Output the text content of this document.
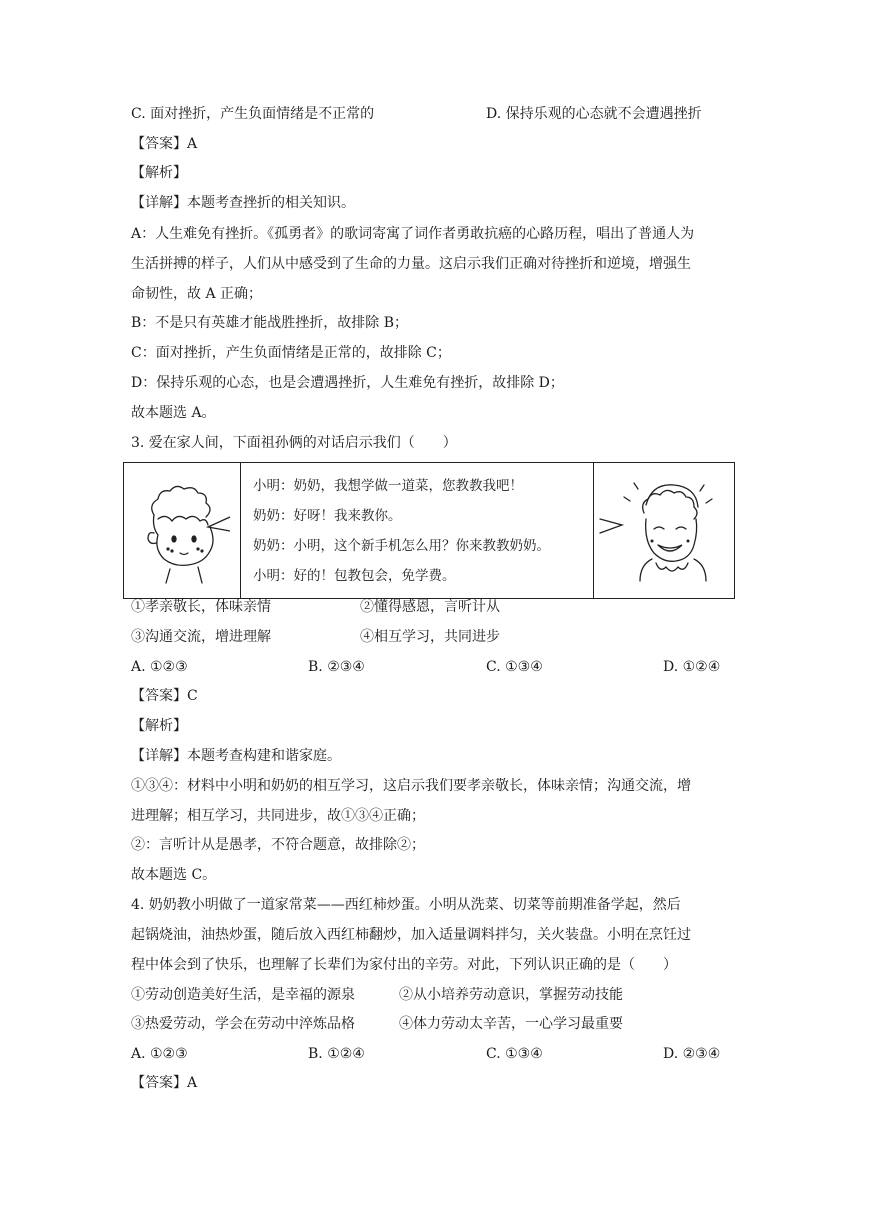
C. 面对挫折，产生负面情绪是不正常的	D. 保持乐观的心态就不会遭遇挫折
【答案】A
【解析】
【详解】本题考查挫折的相关知识。
A：人生难免有挫折。《孤勇者》的歌词寄寓了词作者勇敢抗癌的心路历程，唱出了普通人为
生活拼搏的样子，人们从中感受到了生命的力量。这启示我们正确对待挫折和逆境，增强生
命韧性，故 A 正确；
B：不是只有英雄才能战胜挫折，故排除 B；
C：面对挫折，产生负面情绪是正常的，故排除 C；
D：保持乐观的心态，也是会遭遇挫折，人生难免有挫折，故排除 D；
故本题选 A。
3. 爱在家人间，下面祖孙俩的对话启示我们（　　）

小明：奶奶，我想学做一道菜，您教教我吧！
奶奶：好呀！我来教你。
奶奶：小明，这个新手机怎么用？你来教教奶奶。
小明：好的！包教包会，免学费。

①孝亲敬长，体味亲情	②懂得感恩，言听计从
③沟通交流，增进理解	④相互学习，共同进步
A. ①②③	B. ②③④	C. ①③④	D. ①②④
【答案】C
【解析】
【详解】本题考查构建和谐家庭。
①③④：材料中小明和奶奶的相互学习，这启示我们要孝亲敬长，体味亲情；沟通交流，增
进理解；相互学习，共同进步，故①③④正确；
②：言听计从是愚孝，不符合题意，故排除②；
故本题选 C。
4. 奶奶教小明做了一道家常菜——西红柿炒蛋。小明从洗菜、切菜等前期准备学起，然后
起锅烧油，油热炒蛋，随后放入西红柿翻炒，加入适量调料拌匀，关火装盘。小明在烹饪过
程中体会到了快乐，也理解了长辈们为家付出的辛劳。对此，下列认识正确的是（　　）
①劳动创造美好生活，是幸福的源泉	②从小培养劳动意识，掌握劳动技能
③热爱劳动，学会在劳动中淬炼品格	④体力劳动太辛苦，一心学习最重要
A. ①②③	B. ①②④	C. ①③④	D. ②③④
【答案】A
